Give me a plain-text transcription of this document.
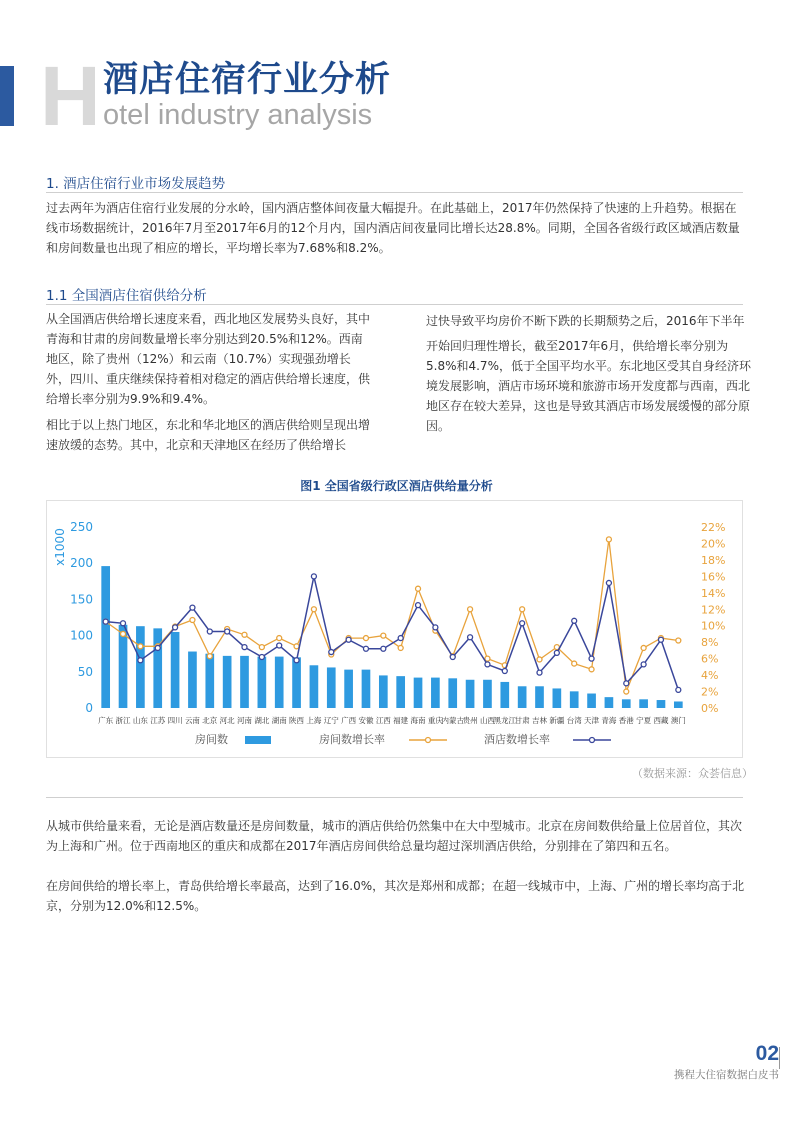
H 酒店住宿行业分析
otel industry analysis
1. 酒店住宿行业市场发展趋势
过去两年为酒店住宿行业发展的分水岭，国内酒店整体间夜量大幅提升。在此基础上，2017年仍然保持了快速的上升趋势。根据在线市场数据统计，2016年7月至2017年6月的12个月内，国内酒店间夜量同比增长达28.8%。同期，全国各省级行政区域酒店数量和房间数量也出现了相应的增长，平均增长率为7.68%和8.2%。
1.1 全国酒店住宿供给分析
从全国酒店供给增长速度来看，西北地区发展势头良好，其中青海和甘肃的房间数量增长率分别达到20.5%和12%。西南地区，除了贵州（12%）和云南（10.7%）实现强劲增长外，四川、重庆继续保持着相对稳定的酒店供给增长速度，供给增长率分别为9.9%和9.4%。
相比于以上热门地区，东北和华北地区的酒店供给则呈现出增速放缓的态势。其中，北京和天津地区在经历了供给增长
过快导致平均房价不断下跌的长期颓势之后，2016年下半年
开始回归理性增长，截至2017年6月，供给增长率分别为5.8%和4.7%，低于全国平均水平。东北地区受其自身经济环境发展影响，酒店市场环境和旅游市场开发度都与西南，西北地区存在较大差异，这也是导致其酒店市场发展缓慢的部分原因。
图1 全国省级行政区酒店供给量分析
0
50
100
150
200
250
0%
2%
4%
6%
8%
10%
12%
14%
16%
18%
20%
22%
x1000
广东 浙江 山东 江苏 四川 云南 北京 河北 河南 湖北 湖南 陕西 上海 辽宁 广西 安徽 江西 福建 海南 重庆
内蒙古
贵州 山西
黑龙江
甘肃 吉林 新疆 台湾 天津 青海 香港 宁夏 西藏 澳门
房间数	房间数增长率	酒店数增长率
（数据来源：众荟信息）
从城市供给量来看，无论是酒店数量还是房间数量，城市的酒店供给仍然集中在大中型城市。北京在房间数供给量上位居首位，其次为上海和广州。位于西南地区的重庆和成都在2017年酒店房间供给总量均超过深圳酒店供给，分别排在了第四和五名。
在房间供给的增长率上，青岛供给增长率最高，达到了16.0%，其次是郑州和成都；在超一线城市中，上海、广州的增长率均高于北京，分别为12.0%和12.5%。
02
携程大住宿数据白皮书
